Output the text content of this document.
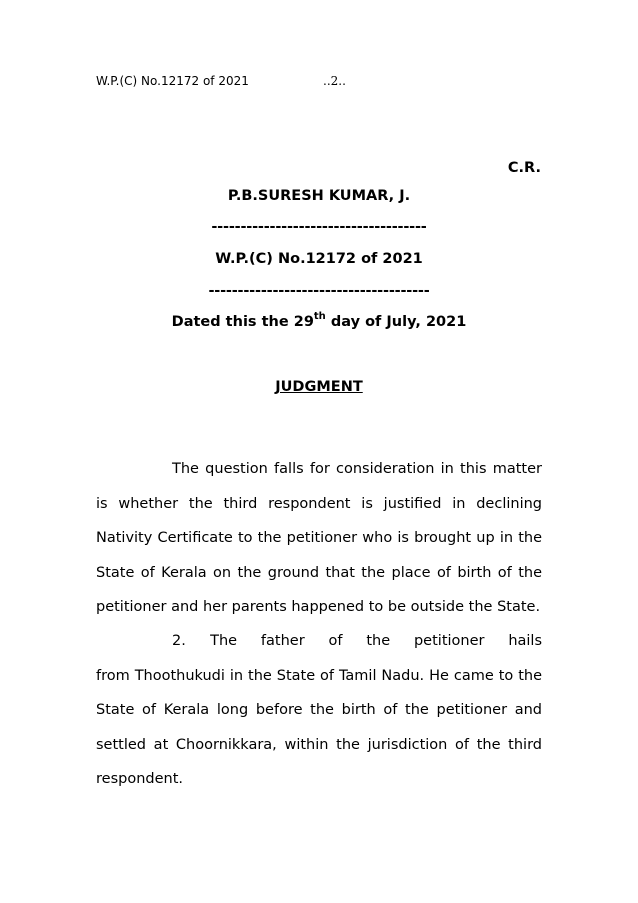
W.P.(C) No.12172 of 2021	..2..
C.R.
P.B.SURESH KUMAR, J.
-------------------------------------
W.P.(C) No.12172 of 2021
--------------------------------------
Dated this the 29th day of July, 2021
JUDGMENT
The question falls for consideration in this matter is whether the third respondent is justified in declining Nativity Certificate to the petitioner who is brought up in the State of Kerala on the ground that the place of birth of the petitioner and her parents happened to be outside the State.
2. The father of the petitioner hails from Thoothukudi in the State of Tamil Nadu. He came to the State of Kerala long before the birth of the petitioner and settled at Choornikkara, within the jurisdiction of the third respondent.
